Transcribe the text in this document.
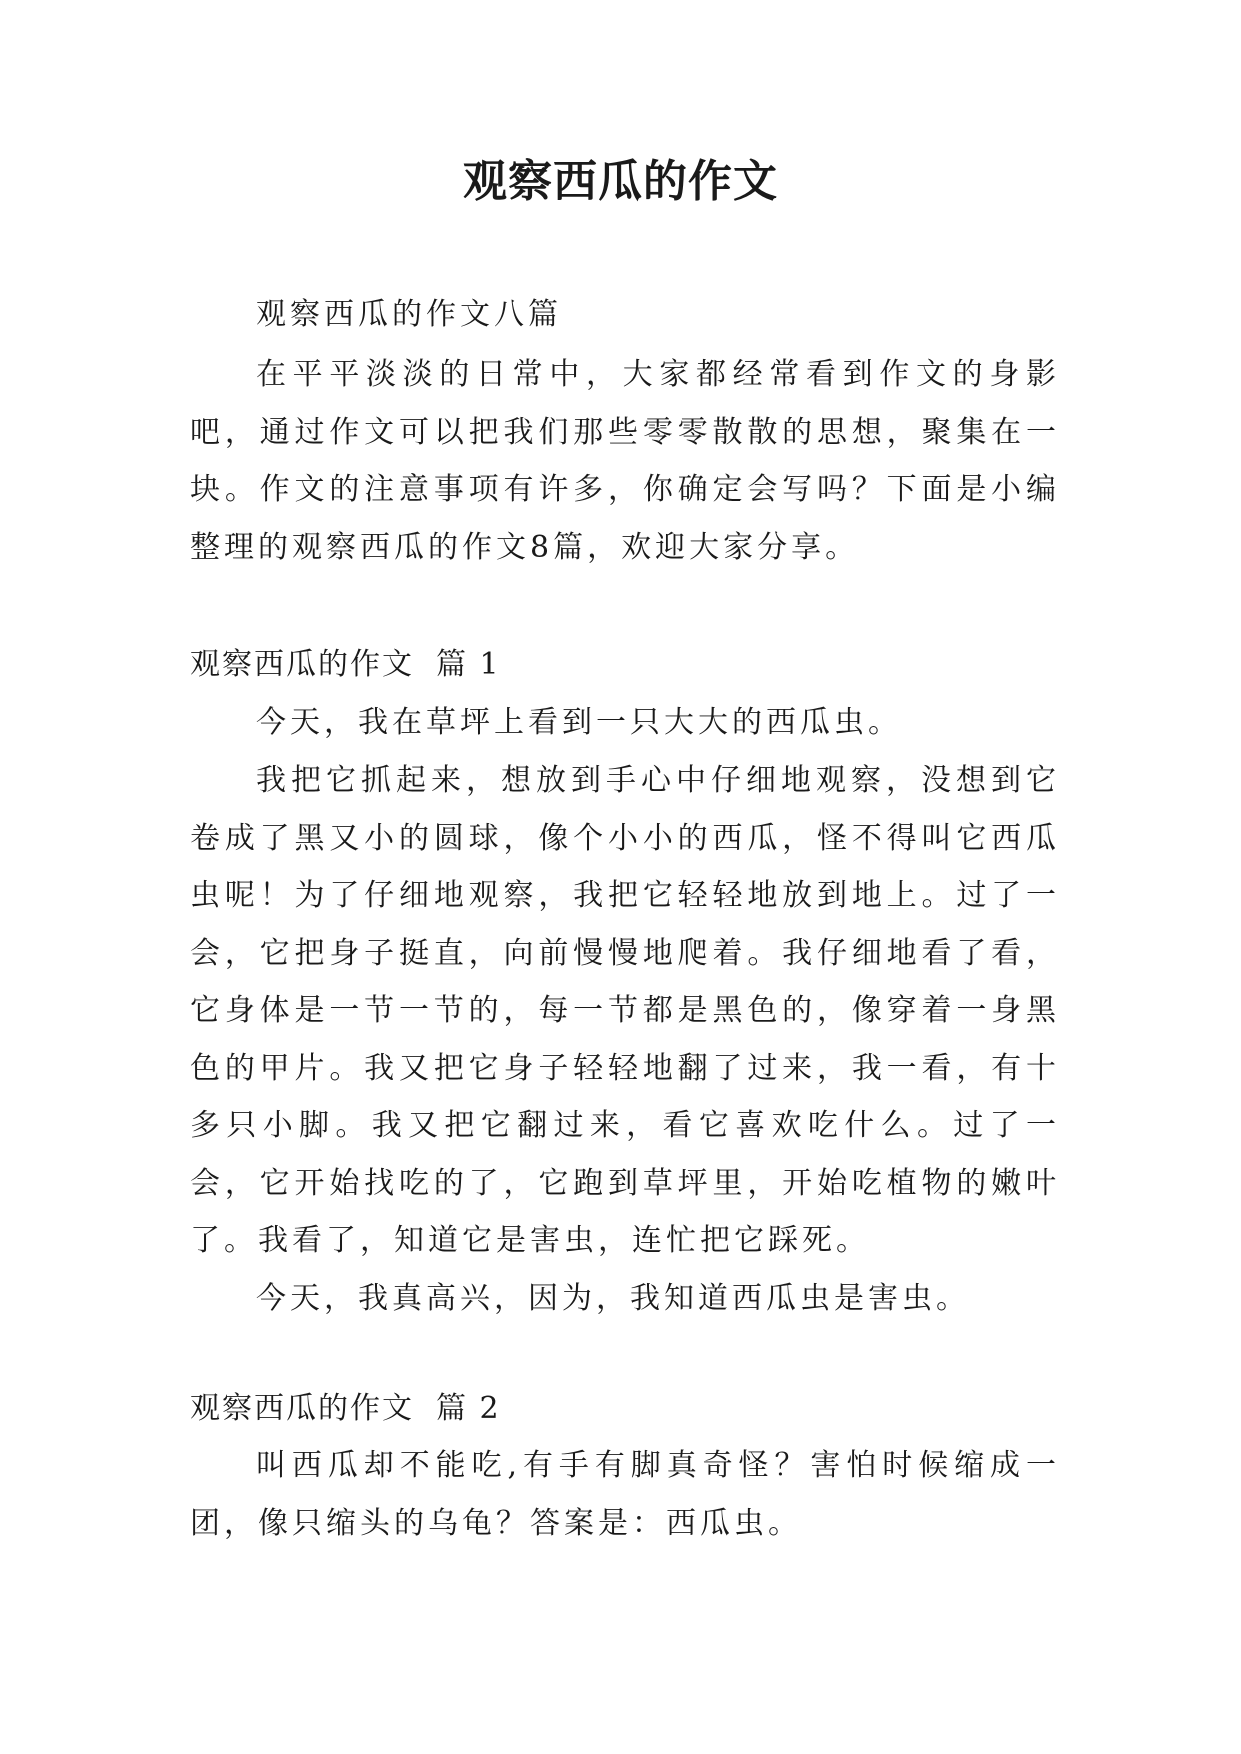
观察西瓜的作文

观察西瓜的作文八篇

在平平淡淡的日常中，大家都经常看到作文的身影吧，通过作文可以把我们那些零零散散的思想，聚集在一块。作文的注意事项有许多，你确定会写吗？下面是小编整理的观察西瓜的作文8篇，欢迎大家分享。

观察西瓜的作文 篇 1

今天，我在草坪上看到一只大大的西瓜虫。

我把它抓起来，想放到手心中仔细地观察，没想到它卷成了黑又小的圆球，像个小小的西瓜，怪不得叫它西瓜虫呢！为了仔细地观察，我把它轻轻地放到地上。过了一会，它把身子挺直，向前慢慢地爬着。我仔细地看了看，它身体是一节一节的，每一节都是黑色的，像穿着一身黑色的甲片。我又把它身子轻轻地翻了过来，我一看，有十多只小脚。我又把它翻过来，看它喜欢吃什么。过了一会，它开始找吃的了，它跑到草坪里，开始吃植物的嫩叶了。我看了，知道它是害虫，连忙把它踩死。

今天，我真高兴，因为，我知道西瓜虫是害虫。

观察西瓜的作文 篇 2

叫西瓜却不能吃,有手有脚真奇怪？害怕时候缩成一团，像只缩头的乌龟？答案是：西瓜虫。
